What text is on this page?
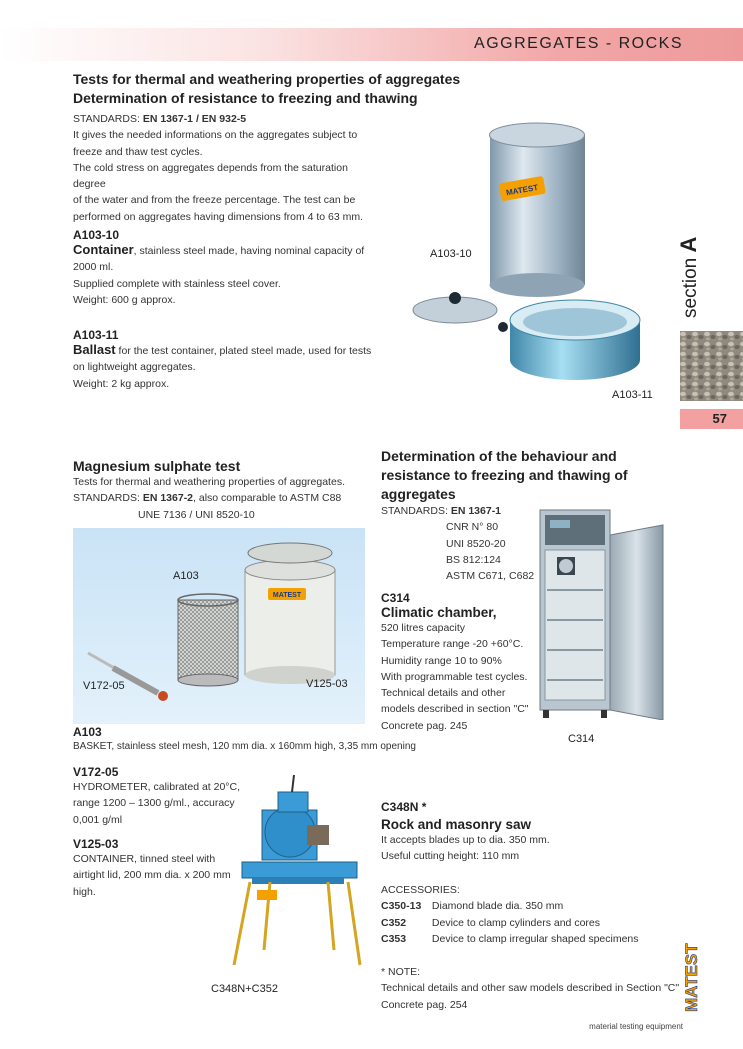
AGGREGATES - ROCKS
section A
57
Tests for thermal and weathering properties of aggregates
Determination of resistance to freezing and thawing
STANDARDS: EN 1367-1 / EN 932-5
It gives the needed informations on the aggregates subject to
freeze and thaw test cycles.
The cold stress on aggregates depends from the saturation degree
of the water and from the freeze percentage. The test can be
performed on aggregates having dimensions from 4 to 63 mm.
A103-10
Container, stainless steel made, having nominal capacity of
2000 ml.
Supplied complete with stainless steel cover.
Weight: 600 g approx.
A103-11
Ballast for the test container, plated steel made, used for tests
on lightweight aggregates.
Weight: 2 kg approx.
MATEST
A103-10
A103-11
Magnesium sulphate test
Tests for thermal and weathering properties of aggregates.
STANDARDS: EN 1367-2, also comparable to ASTM C88
UNE 7136 / UNI 8520-10
MATEST
A103
V172-05	V125-03
A103
BASKET, stainless steel mesh, 120 mm dia. x 160mm high, 3,35 mm opening
V172-05
HYDROMETER, calibrated at 20°C,
range 1200 – 1300 g/ml., accuracy
0,001 g/ml
V125-03
CONTAINER, tinned steel with
airtight lid, 200 mm dia. x 200 mm
high.
C348N+C352
Determination of the behaviour and
resistance to freezing and thawing of
aggregates
STANDARDS: EN 1367-1
CNR N° 80
UNI 8520-20
BS 812:124
ASTM C671, C682
C314
Climatic chamber,
520 litres capacity
Temperature range -20 +60°C.
Humidity range 10 to 90%
With programmable test cycles.
Technical details and other
models described in section "C"
Concrete pag. 245
C314
C348N *
Rock and masonry saw
It accepts blades up to dia. 350 mm.
Useful cutting height: 110 mm
ACCESSORIES:
C350-13 Diamond blade dia. 350 mm
C352 Device to clamp cylinders and cores
C353 Device to clamp irregular shaped specimens
* NOTE:
Technical details and other saw models described in Section "C"
Concrete pag. 254	MATEST
material testing equipment
